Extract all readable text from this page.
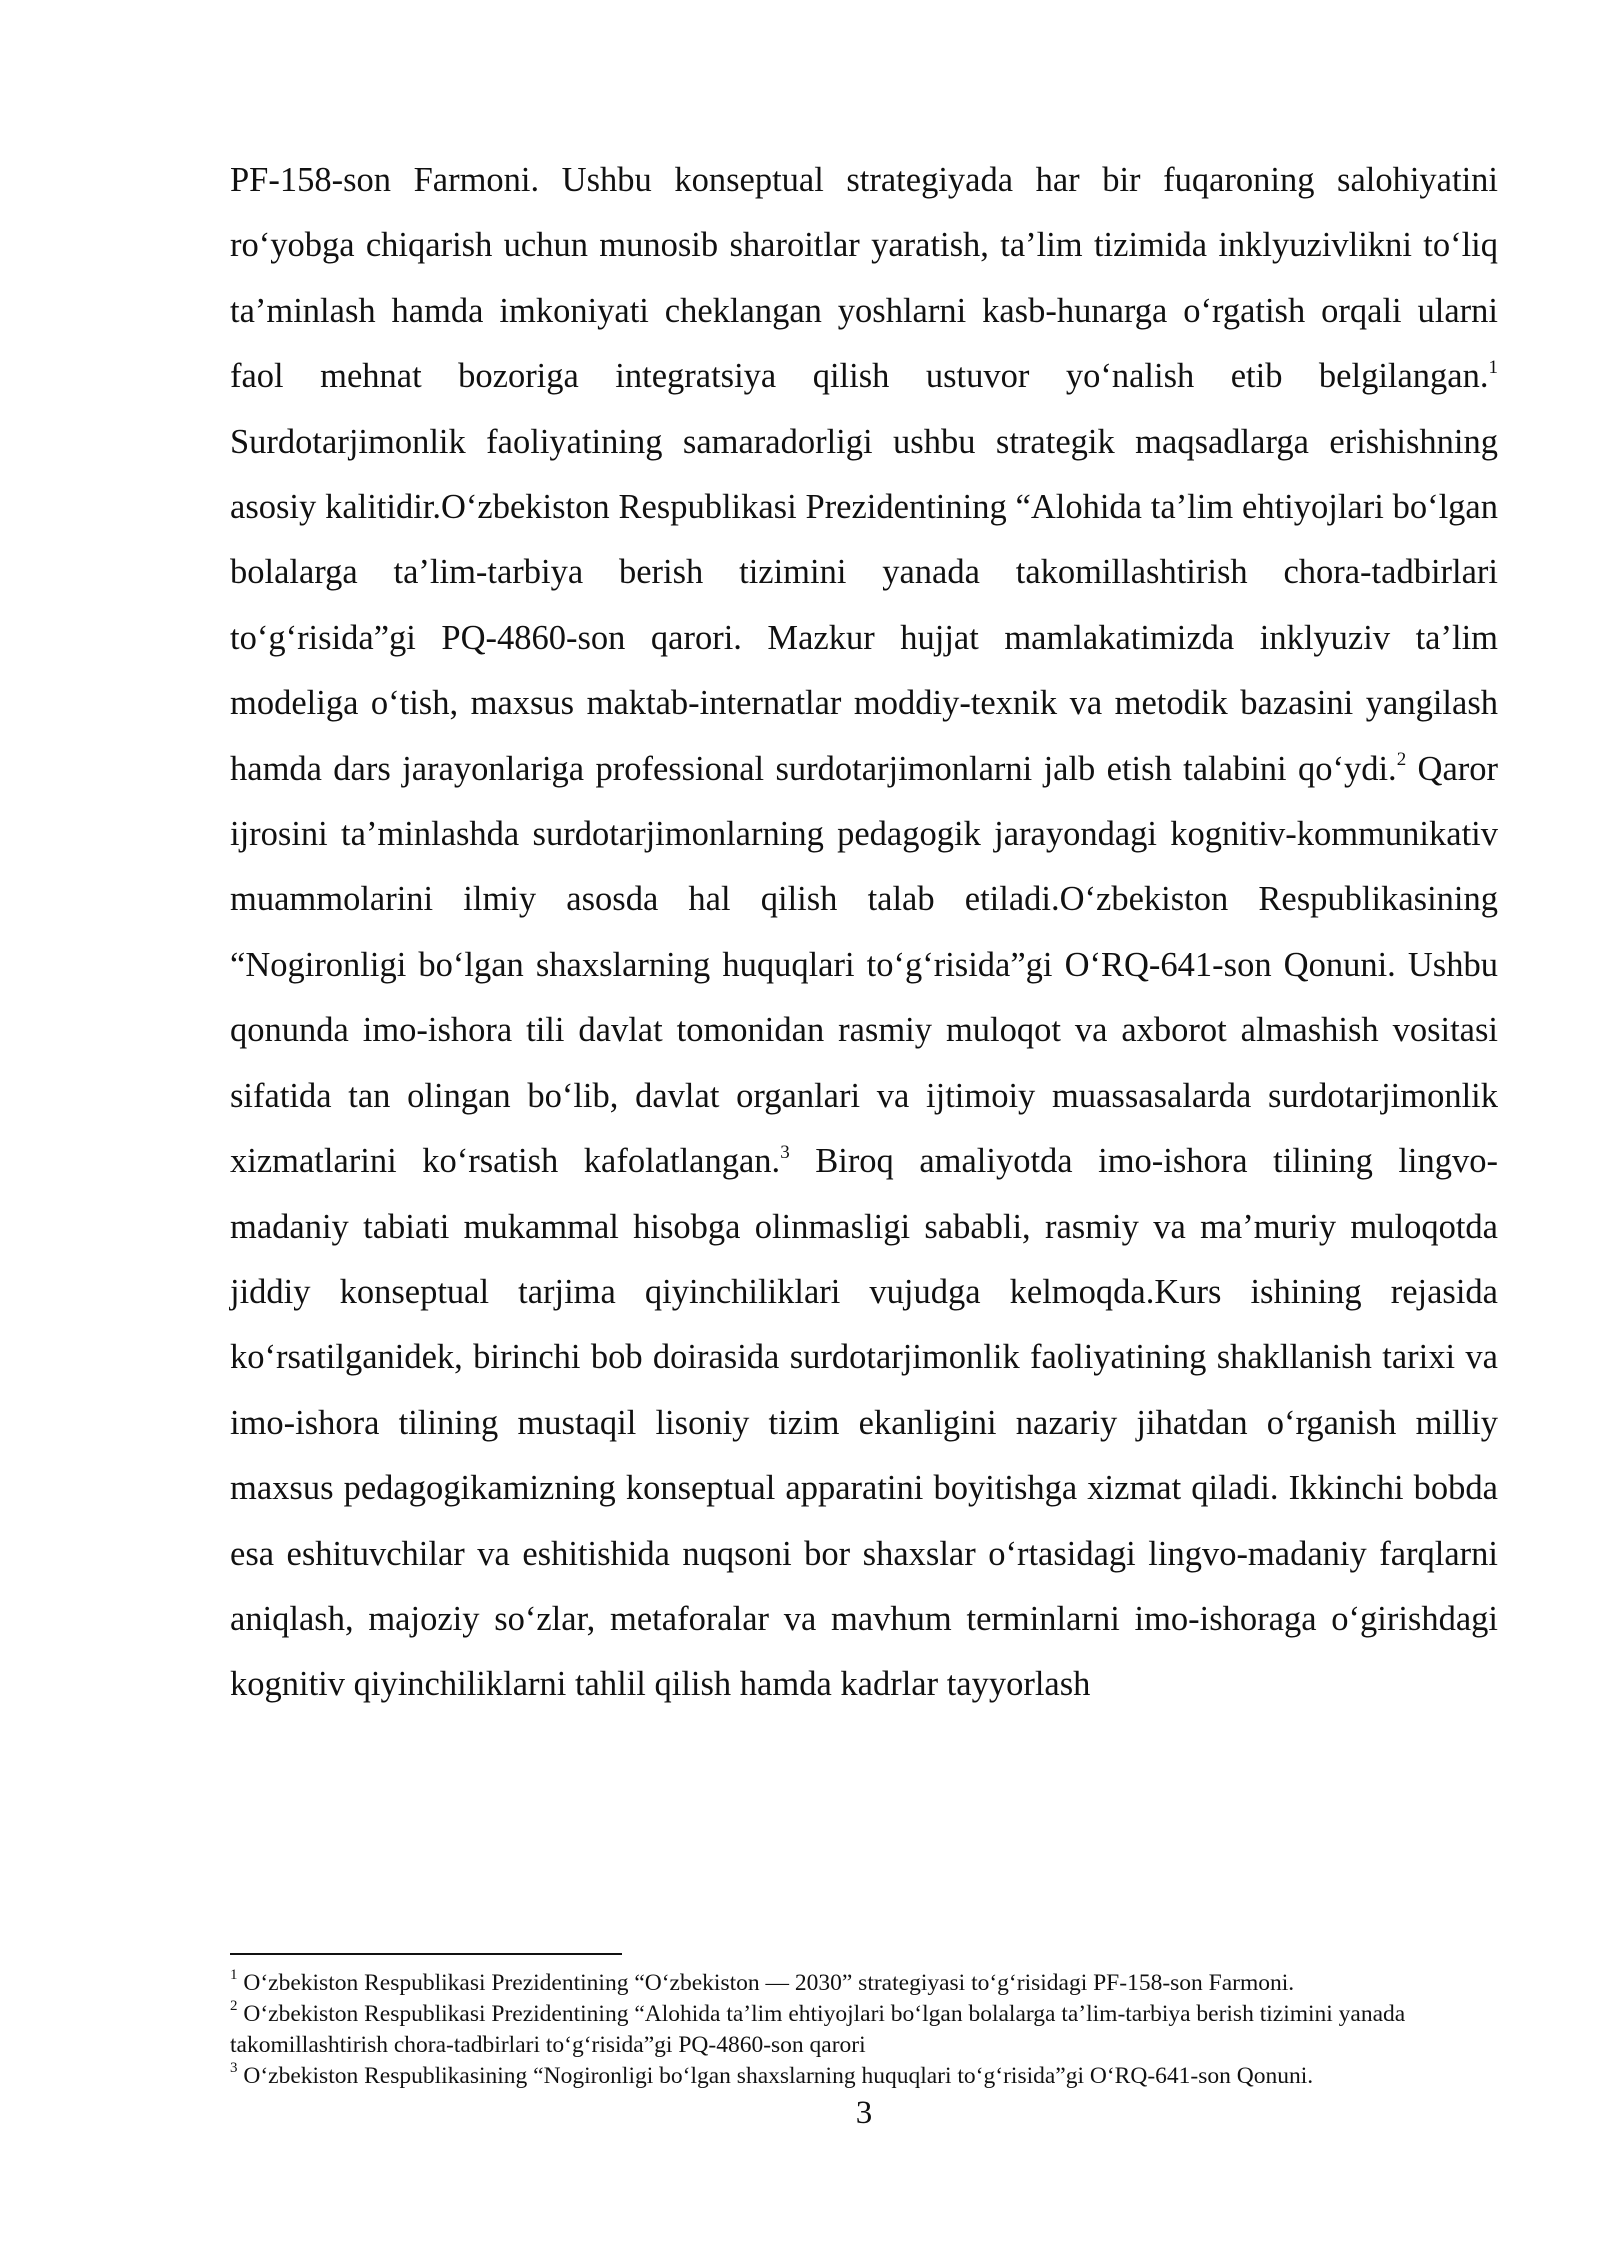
PF-158-son Farmoni. Ushbu konseptual strategiyada har bir fuqaroning salohiyatini ro‘yobga chiqarish uchun munosib sharoitlar yaratish, ta’lim tizimida inklyuzivlikni to‘liq ta’minlash hamda imkoniyati cheklangan yoshlarni kasb-hunarga o‘rgatish orqali ularni faol mehnat bozoriga integratsiya qilish ustuvor yo‘nalish etib belgilangan.$^1$ Surdotarjimonlik faoliyatining samaradorligi ushbu strategik maqsadlarga erishishning asosiy kalitidir.O‘zbekiston Respublikasi Prezidentining “Alohida ta’lim ehtiyojlari bo‘lgan bolalarga ta’lim-tarbiya berish tizimini yanada takomillashtirish chora-tadbirlari to‘g‘risida”gi PQ-4860-son qarori. Mazkur hujjat mamlakatimizda inklyuziv ta’lim modeliga o‘tish, maxsus maktab-internatlar moddiy-texnik va metodik bazasini yangilash hamda dars jarayonlariga professional surdotarjimonlarni jalb etish talabini qo‘ydi.$^2$ Qaror ijrosini ta’minlashda surdotarjimonlarning pedagogik jarayondagi kognitiv-kommunikativ muammolarini ilmiy asosda hal qilish talab etiladi.O‘zbekiston Respublikasining “Nogironligi bo‘lgan shaxslarning huquqlari to‘g‘risida”gi O‘RQ-641-son Qonuni. Ushbu qonunda imo-ishora tili davlat tomonidan rasmiy muloqot va axborot almashish vositasi sifatida tan olingan bo‘lib, davlat organlari va ijtimoiy muassasalarda surdotarjimonlik xizmatlarini ko‘rsatish kafolatlangan.$^3$ Biroq amaliyotda imo-ishora tilining lingvo-madaniy tabiati mukammal hisobga olinmasligi sababli, rasmiy va ma’muriy muloqotda jiddiy konseptual tarjima qiyinchiliklari vujudga kelmoqda.Kurs ishining rejasida ko‘rsatilganidek, birinchi bob doirasida surdotarjimonlik faoliyatining shakllanish tarixi va imo-ishora tilining mustaqil lisoniy tizim ekanligini nazariy jihatdan o‘rganish milliy maxsus pedagogikamizning konseptual apparatini boyitishga xizmat qiladi. Ikkinchi bobda esa eshituvchilar va eshitishida nuqsoni bor shaxslar o‘rtasidagi lingvo-madaniy farqlarni aniqlash, majoziy so‘zlar, metaforalar va mavhum terminlarni imo-ishoraga o‘girishdagi kognitiv qiyinchiliklarni tahlil qilish hamda kadrlar tayyorlash

$^1$ O‘zbekiston Respublikasi Prezidentining “O‘zbekiston — 2030” strategiyasi to‘g‘risidagi PF-158-son Farmoni.

$^2$ O‘zbekiston Respublikasi Prezidentining “Alohida ta’lim ehtiyojlari bo‘lgan bolalarga ta’lim-tarbiya berish tizimini yanada takomillashtirish chora-tadbirlari to‘g‘risida”gi PQ-4860-son qarori

$^3$ O‘zbekiston Respublikasining “Nogironligi bo‘lgan shaxslarning huquqlari to‘g‘risida”gi O‘RQ-641-son Qonuni.

3
